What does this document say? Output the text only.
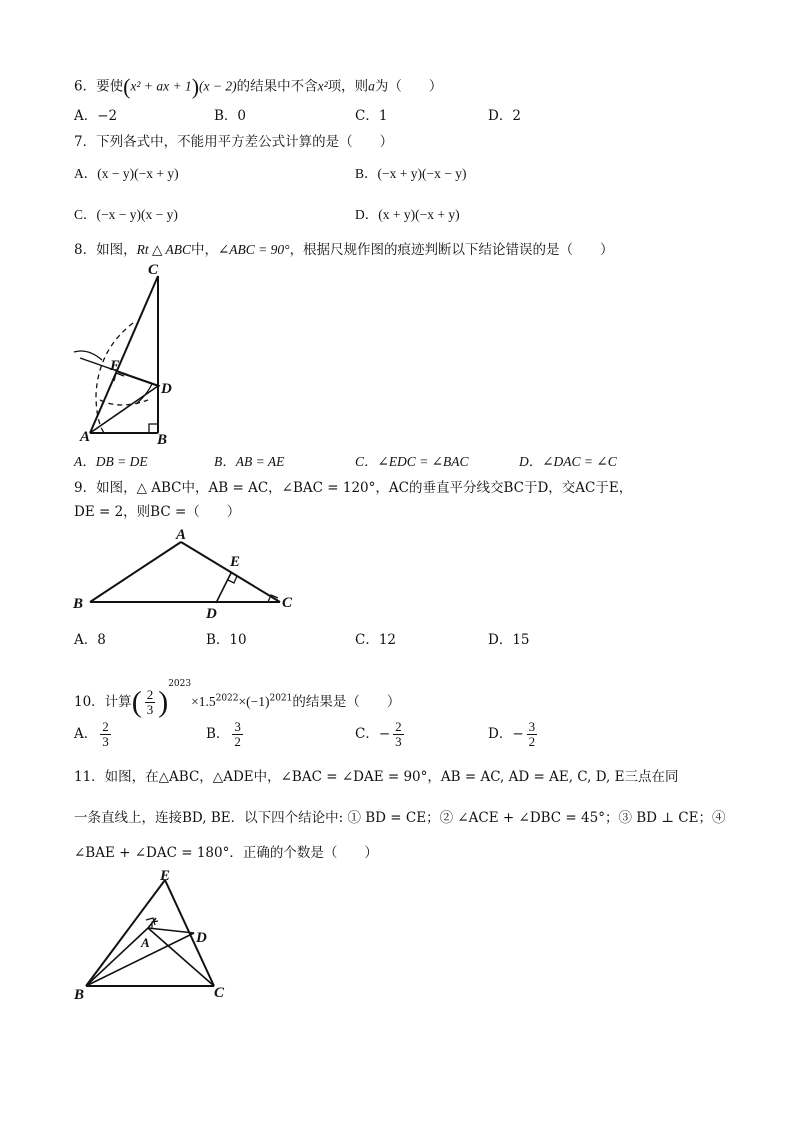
6．要使(x² + ax + 1)(x − 2)的结果中不含x²项，则a为（　　）
A．−2	B．0	C．1	D．2
7．下列各式中，不能用平方差公式计算的是（　　）
A．(x − y)(−x + y)	B．(−x + y)(−x − y)
C．(−x − y)(x − y)	D．(x + y)(−x + y)
8．如图，Rt △ ABC中，∠ABC = 90°，根据尺规作图的痕迹判断以下结论错误的是（　　）
C
E
D
A	B
A．DB = DE	B．AB = AE	C．∠EDC = ∠BAC	D．∠DAC = ∠C
9．如图，△ ABC中，AB = AC，∠BAC = 120°，AC的垂直平分线交BC于D，交AC于E，
DE = 2，则BC =（　　）
A
E
B
D
C
A．8	B．10	C．12	D．15
10．计算( $\frac{2}{3} )^{2023}\times 1.5^{2022}\times(-1)^{2021}$的结果是（　　）
A． $\frac{2}{3}$	B． $\frac{3}{2}$	C．− $\frac{2}{3}$	D．− $\frac{3}{2}$
11．如图，在△ABC，△ADE中，∠BAC = ∠DAE = 90°，AB = AC, AD = AE, C, D, E三点在同
一条直线上，连接BD, BE．以下四个结论中: ① BD = CE；② ∠ACE + ∠DBC = 45°；③ BD ⊥ CE；④
∠BAE + ∠DAC = 180°．正确的个数是（　　）
E
A	D
B	C
